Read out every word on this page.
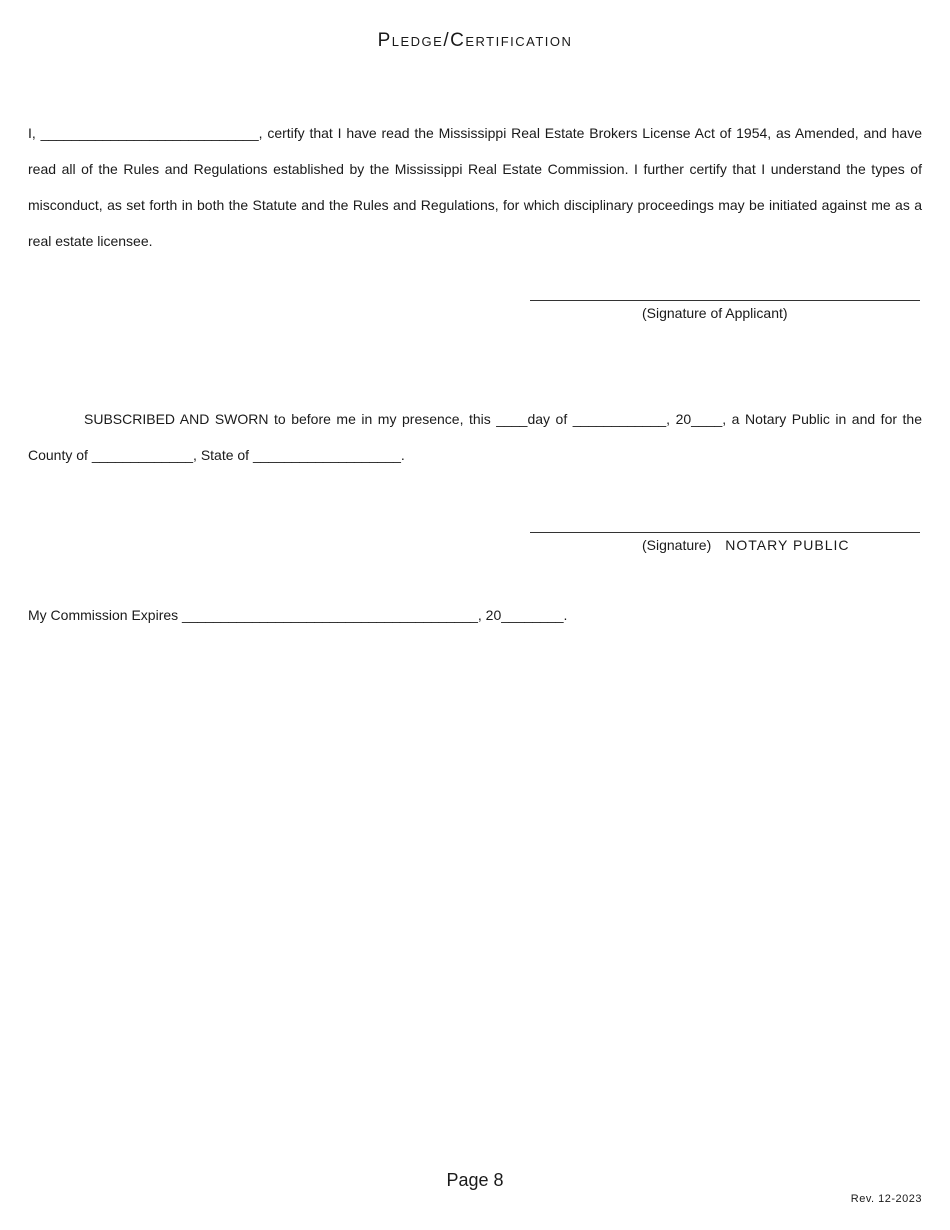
Pledge/Certification

I, ____________________________, certify that I have read the Mississippi Real Estate Brokers License Act of 1954, as Amended, and have read all of the Rules and Regulations established by the Mississippi Real Estate Commission. I further certify that I understand the types of misconduct, as set forth in both the Statute and the Rules and Regulations, for which disciplinary proceedings may be initiated against me as a real estate licensee.

(Signature of Applicant)

SUBSCRIBED AND SWORN to before me in my presence, this ____day of ____________, 20____, a Notary Public in and for the County of _____________, State of ___________________.

(Signature) NOTARY PUBLIC
My Commission Expires ______________________________________, 20________.
Page 8
Rev. 12-2023
